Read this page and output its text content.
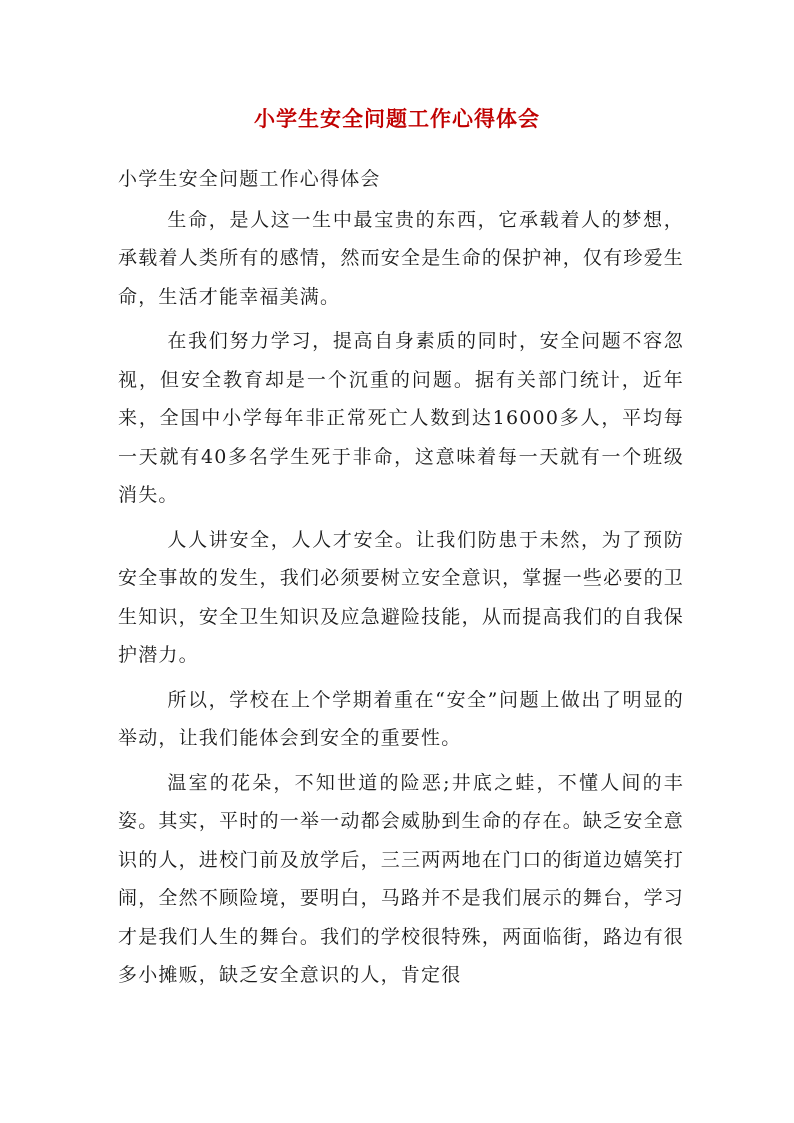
小学生安全问题工作心得体会

小学生安全问题工作心得体会

生命，是人这一生中最宝贵的东西，它承载着人的梦想，承载着人类所有的感情，然而安全是生命的保护神，仅有珍爱生命，生活才能幸福美满。

在我们努力学习，提高自身素质的同时，安全问题不容忽视，但安全教育却是一个沉重的问题。据有关部门统计，近年来，全国中小学每年非正常死亡人数到达16000多人，平均每一天就有40多名学生死于非命，这意味着每一天就有一个班级消失。

人人讲安全，人人才安全。让我们防患于未然，为了预防安全事故的发生，我们必须要树立安全意识，掌握一些必要的卫生知识，安全卫生知识及应急避险技能，从而提高我们的自我保护潜力。

所以，学校在上个学期着重在“安全”问题上做出了明显的举动，让我们能体会到安全的重要性。

温室的花朵，不知世道的险恶;井底之蛙，不懂人间的丰姿。其实，平时的一举一动都会威胁到生命的存在。缺乏安全意识的人，进校门前及放学后，三三两两地在门口的街道边嬉笑打闹，全然不顾险境，要明白，马路并不是我们展示的舞台，学习才是我们人生的舞台。我们的学校很特殊，两面临街，路边有很多小摊贩，缺乏安全意识的人，肯定很
